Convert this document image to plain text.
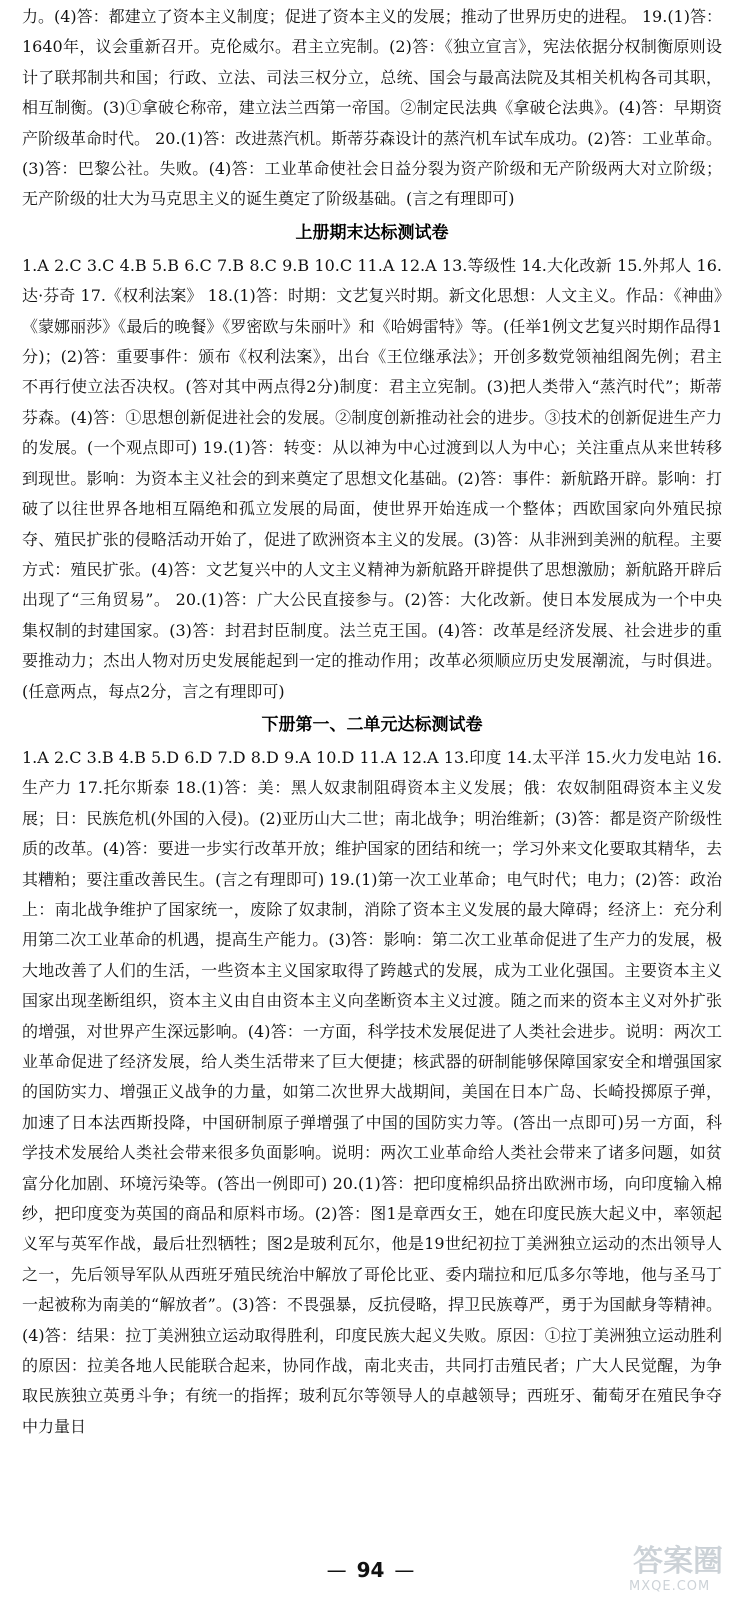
力。(4)答：都建立了资本主义制度；促进了资本主义的发展；推动了世界历史的进程。 19.(1)答：1640年，议会重新召开。克伦威尔。君主立宪制。(2)答：《独立宣言》，宪法依据分权制衡原则设计了联邦制共和国；行政、立法、司法三权分立，总统、国会与最高法院及其相关机构各司其职，相互制衡。(3)①拿破仑称帝，建立法兰西第一帝国。②制定民法典《拿破仑法典》。(4)答：早期资产阶级革命时代。 20.(1)答：改进蒸汽机。斯蒂芬森设计的蒸汽机车试车成功。(2)答：工业革命。(3)答：巴黎公社。失败。(4)答：工业革命使社会日益分裂为资产阶级和无产阶级两大对立阶级；无产阶级的壮大为马克思主义的诞生奠定了阶级基础。(言之有理即可)

上册期末达标测试卷

1.A 2.C 3.C 4.B 5.B 6.C 7.B 8.C 9.B 10.C 11.A 12.A 13.等级性 14.大化改新 15.外邦人 16.达·芬奇 17.《权利法案》 18.(1)答：时期：文艺复兴时期。新文化思想：人文主义。作品：《神曲》《蒙娜丽莎》《最后的晚餐》《罗密欧与朱丽叶》和《哈姆雷特》等。(任举1例文艺复兴时期作品得1分)；(2)答：重要事件：颁布《权利法案》，出台《王位继承法》；开创多数党领袖组阁先例；君主不再行使立法否决权。(答对其中两点得2分)制度：君主立宪制。(3)把人类带入“蒸汽时代”；斯蒂芬森。(4)答：①思想创新促进社会的发展。②制度创新推动社会的进步。③技术的创新促进生产力的发展。(一个观点即可) 19.(1)答：转变：从以神为中心过渡到以人为中心；关注重点从来世转移到现世。影响：为资本主义社会的到来奠定了思想文化基础。(2)答：事件：新航路开辟。影响：打破了以往世界各地相互隔绝和孤立发展的局面，使世界开始连成一个整体；西欧国家向外殖民掠夺、殖民扩张的侵略活动开始了，促进了欧洲资本主义的发展。(3)答：从非洲到美洲的航程。主要方式：殖民扩张。(4)答：文艺复兴中的人文主义精神为新航路开辟提供了思想激励；新航路开辟后出现了“三角贸易”。 20.(1)答：广大公民直接参与。(2)答：大化改新。使日本发展成为一个中央集权制的封建国家。(3)答：封君封臣制度。法兰克王国。(4)答：改革是经济发展、社会进步的重要推动力；杰出人物对历史发展能起到一定的推动作用；改革必须顺应历史发展潮流，与时俱进。(任意两点，每点2分，言之有理即可)

下册第一、二单元达标测试卷

1.A 2.C 3.B 4.B 5.D 6.D 7.D 8.D 9.A 10.D 11.A 12.A 13.印度 14.太平洋 15.火力发电站 16.生产力 17.托尔斯泰 18.(1)答：美：黑人奴隶制阻碍资本主义发展；俄：农奴制阻碍资本主义发展；日：民族危机(外国的入侵)。(2)亚历山大二世；南北战争；明治维新；(3)答：都是资产阶级性质的改革。(4)答：要进一步实行改革开放；维护国家的团结和统一；学习外来文化要取其精华，去其糟粕；要注重改善民生。(言之有理即可) 19.(1)第一次工业革命；电气时代；电力；(2)答：政治上：南北战争维护了国家统一，废除了奴隶制，消除了资本主义发展的最大障碍；经济上：充分利用第二次工业革命的机遇，提高生产能力。(3)答：影响：第二次工业革命促进了生产力的发展，极大地改善了人们的生活，一些资本主义国家取得了跨越式的发展，成为工业化强国。主要资本主义国家出现垄断组织，资本主义由自由资本主义向垄断资本主义过渡。随之而来的资本主义对外扩张的增强，对世界产生深远影响。(4)答：一方面，科学技术发展促进了人类社会进步。说明：两次工业革命促进了经济发展，给人类生活带来了巨大便捷；核武器的研制能够保障国家安全和增强国家的国防实力、增强正义战争的力量，如第二次世界大战期间，美国在日本广岛、长崎投掷原子弹，加速了日本法西斯投降，中国研制原子弹增强了中国的国防实力等。(答出一点即可)另一方面，科学技术发展给人类社会带来很多负面影响。说明：两次工业革命给人类社会带来了诸多问题，如贫富分化加剧、环境污染等。(答出一例即可) 20.(1)答：把印度棉织品挤出欧洲市场，向印度输入棉纱，把印度变为英国的商品和原料市场。(2)答：图1是章西女王，她在印度民族大起义中，率领起义军与英军作战，最后壮烈牺牲；图2是玻利瓦尔，他是19世纪初拉丁美洲独立运动的杰出领导人之一，先后领导军队从西班牙殖民统治中解放了哥伦比亚、委内瑞拉和厄瓜多尔等地，他与圣马丁一起被称为南美的“解放者”。(3)答：不畏强暴，反抗侵略，捍卫民族尊严，勇于为国献身等精神。(4)答：结果：拉丁美洲独立运动取得胜利，印度民族大起义失败。原因：①拉丁美洲独立运动胜利的原因：拉美各地人民能联合起来，协同作战，南北夹击，共同打击殖民者；广大人民觉醒，为争取民族独立英勇斗争；有统一的指挥；玻利瓦尔等领导人的卓越领导；西班牙、葡萄牙在殖民争夺中力量日

— 94 —	答案圈
MXQE.COM
